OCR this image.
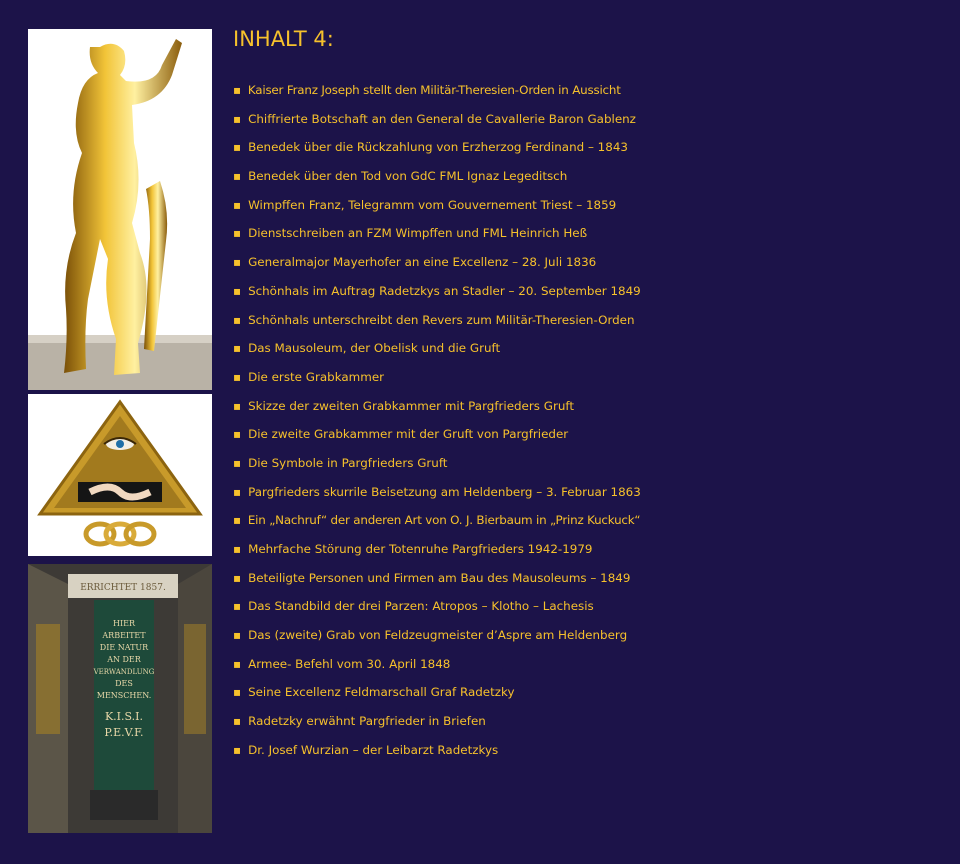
ERRICHTET 1857.
HIER
ARBEITET
DIE NATUR
AN DER
VERWANDLUNG
DES
MENSCHEN.
K.I.S.I.
P.E.V.F.
INHALT 4:
▪ Kaiser Franz Joseph stellt den Militär-Theresien-Orden in Aussicht
▪ Chiffrierte Botschaft an den General de Cavallerie Baron Gablenz
▪ Benedek über die Rückzahlung von Erzherzog Ferdinand – 1843
▪ Benedek über den Tod von GdC FML Ignaz Legeditsch
▪ Wimpffen Franz, Telegramm vom Gouvernement Triest – 1859
▪ Dienstschreiben an FZM Wimpffen und FML Heinrich Heß
▪ Generalmajor Mayerhofer an eine Excellenz – 28. Juli 1836
▪ Schönhals im Auftrag Radetzkys an Stadler – 20. September 1849
▪ Schönhals unterschreibt den Revers zum Militär-Theresien-Orden
▪ Das Mausoleum, der Obelisk und die Gruft
▪ Die erste Grabkammer
▪ Skizze der zweiten Grabkammer mit Pargfrieders Gruft
▪ Die zweite Grabkammer mit der Gruft von Pargfrieder
▪ Die Symbole in Pargfrieders Gruft
▪ Pargfrieders skurrile Beisetzung am Heldenberg – 3. Februar 1863
▪ Ein „Nachruf“ der anderen Art von O. J. Bierbaum in „Prinz Kuckuck“
▪ Mehrfache Störung der Totenruhe Pargfrieders 1942-1979
▪ Beteiligte Personen und Firmen am Bau des Mausoleums – 1849
▪ Das Standbild der drei Parzen: Atropos – Klotho – Lachesis
▪ Das (zweite) Grab von Feldzeugmeister d’Aspre am Heldenberg
▪ Armee- Befehl vom 30. April 1848
▪ Seine Excellenz Feldmarschall Graf Radetzky
▪ Radetzky erwähnt Pargfrieder in Briefen
▪ Dr. Josef Wurzian – der Leibarzt Radetzkys
